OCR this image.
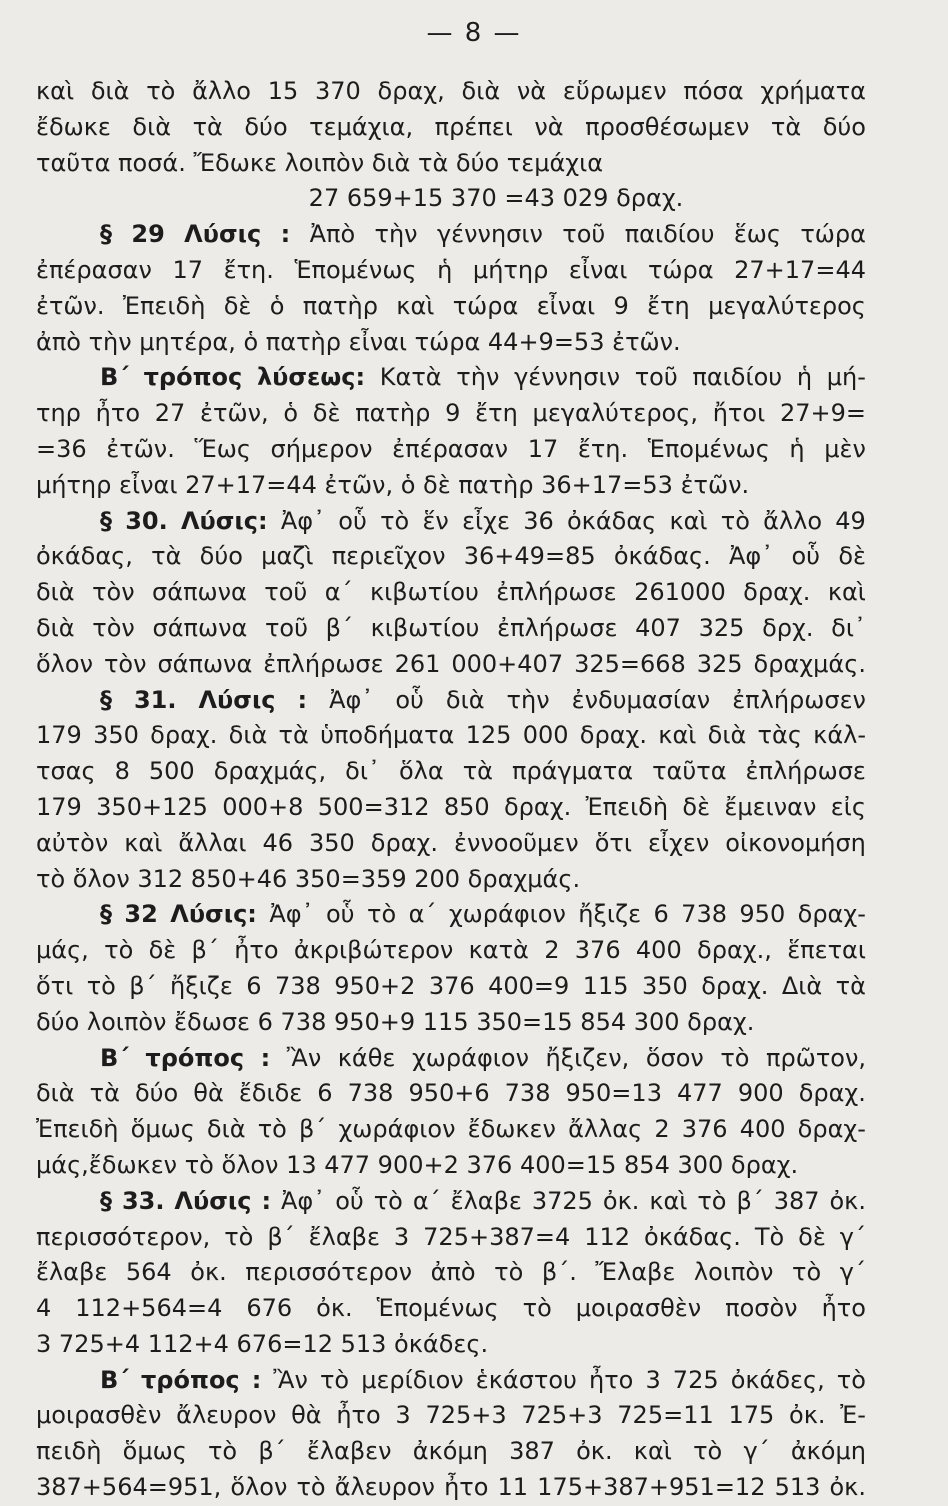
— 8 —
καὶ διὰ τὸ ἄλλο 15 370 δραχ, διὰ νὰ εὕρωμεν πόσα χρήματα
ἔδωκε διὰ τὰ δύο τεμάχια, πρέπει νὰ προσθέσωμεν τὰ δύο
ταῦτα ποσά. Ἔδωκε λοιπὸν διὰ τὰ δύο τεμάχια
27 659+15 370 =43 029 δραχ.
§ 29 Λύσις : Ἀπὸ τὴν γέννησιν τοῦ παιδίου ἕως τώρα
ἐπέρασαν 17 ἔτη. Ἑπομένως ἡ μήτηρ εἶναι τώρα 27+17=44
ἐτῶν. Ἐπειδὴ δὲ ὁ πατὴρ καὶ τώρα εἶναι 9 ἔτη μεγαλύτερος
ἀπὸ τὴν μητέρα, ὁ πατὴρ εἶναι τώρα 44+9=53 ἐτῶν.
Β΄ τρόπος λύσεως: Κατὰ τὴν γέννησιν τοῦ παιδίου ἡ μή-
τηρ ἦτο 27 ἐτῶν, ὁ δὲ πατὴρ 9 ἔτη μεγαλύτερος, ἤτοι 27+9=
=36 ἐτῶν. Ἕως σήμερον ἐπέρασαν 17 ἔτη. Ἑπομένως ἡ μὲν
μήτηρ εἶναι 27+17=44 ἐτῶν, ὁ δὲ πατὴρ 36+17=53 ἐτῶν.
§ 30. Λύσις: Ἀφ᾿ οὗ τὸ ἕν εἶχε 36 ὀκάδας καὶ τὸ ἄλλο 49
ὀκάδας, τὰ δύο μαζὶ περιεῖχον 36+49=85 ὀκάδας. Ἀφ᾿ οὗ δὲ
διὰ τὸν σάπωνα τοῦ α΄ κιβωτίου ἐπλήρωσε 261000 δραχ. καὶ
διὰ τὸν σάπωνα τοῦ β΄ κιβωτίου ἐπλήρωσε 407 325 δρχ. δι᾿
ὅλον τὸν σάπωνα ἐπλήρωσε 261 000+407 325=668 325 δραχμάς.
§ 31. Λύσις : Ἀφ᾿ οὗ διὰ τὴν ἐνδυμασίαν ἐπλήρωσεν
179 350 δραχ. διὰ τὰ ὑποδήματα 125 000 δραχ. καὶ διὰ τὰς κάλ-
τσας 8 500 δραχμάς, δι᾿ ὅλα τὰ πράγματα ταῦτα ἐπλήρωσε
179 350+125 000+8 500=312 850 δραχ. Ἐπειδὴ δὲ ἔμειναν εἰς
αὐτὸν καὶ ἄλλαι 46 350 δραχ. ἐννοοῦμεν ὅτι εἶχεν οἰκονομήση
τὸ ὅλον 312 850+46 350=359 200 δραχμάς.
§ 32 Λύσις: Ἀφ᾿ οὗ τὸ α΄ χωράφιον ἤξιζε 6 738 950 δραχ-
μάς, τὸ δὲ β΄ ἦτο ἀκριβώτερον κατὰ 2 376 400 δραχ., ἕπεται
ὅτι τὸ β΄ ἤξιζε 6 738 950+2 376 400=9 115 350 δραχ. Διὰ τὰ
δύο λοιπὸν ἔδωσε 6 738 950+9 115 350=15 854 300 δραχ.
Β΄ τρόπος : Ἂν κάθε χωράφιον ἤξιζεν, ὅσον τὸ πρῶτον,
διὰ τὰ δύο θὰ ἔδιδε 6 738 950+6 738 950=13 477 900 δραχ.
Ἐπειδὴ ὅμως διὰ τὸ β΄ χωράφιον ἔδωκεν ἄλλας 2 376 400 δραχ-
μάς,ἔδωκεν τὸ ὅλον 13 477 900+2 376 400=15 854 300 δραχ.
§ 33. Λύσις : Ἀφ᾿ οὗ τὸ α΄ ἔλαβε 3725 ὀκ. καὶ τὸ β΄ 387 ὀκ.
περισσότερον, τὸ β΄ ἔλαβε 3 725+387=4 112 ὀκάδας. Τὸ δὲ γ΄
ἔλαβε 564 ὀκ. περισσότερον ἀπὸ τὸ β΄. Ἔλαβε λοιπὸν τὸ γ΄
4 112+564=4 676 ὀκ. Ἑπομένως τὸ μοιρασθὲν ποσὸν ἦτο
3 725+4 112+4 676=12 513 ὀκάδες.
Β΄ τρόπος : Ἂν τὸ μερίδιον ἑκάστου ἦτο 3 725 ὀκάδες, τὸ
μοιρασθὲν ἄλευρον θὰ ἦτο 3 725+3 725+3 725=11 175 ὀκ. Ἐ-
πειδὴ ὅμως τὸ β΄ ἔλαβεν ἀκόμη 387 ὀκ. καὶ τὸ γ΄ ἀκόμη
387+564=951, ὅλον τὸ ἄλευρον ἦτο 11 175+387+951=12 513 ὀκ.
